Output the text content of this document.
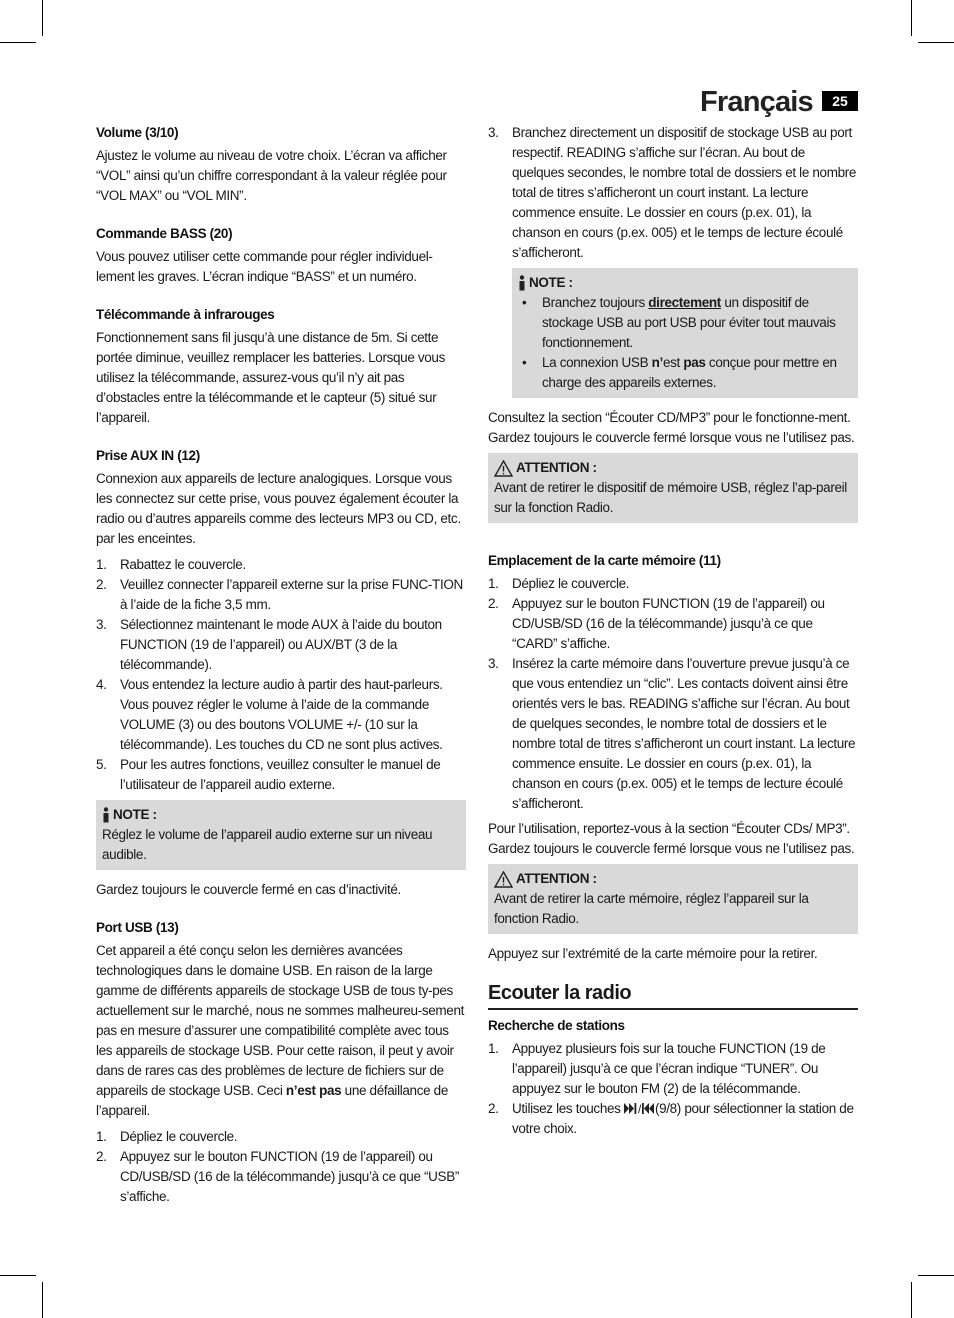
Français	25
Volume (3/10)

Ajustez le volume au niveau de votre choix. L’écran va afficher “VOL” ainsi qu’un chiffre correspondant à la valeur réglée pour “VOL MAX” ou “VOL MIN”.

Commande BASS (20)

Vous pouvez utiliser cette commande pour régler individuel-lement les graves. L’écran indique “BASS” et un numéro.

Télécommande à infrarouges

Fonctionnement sans fil jusqu’à une distance de 5m. Si cette portée diminue, veuillez remplacer les batteries. Lorsque vous utilisez la télécommande, assurez-vous qu’il n’y ait pas d’obstacles entre la télécommande et le capteur (5) situé sur l’appareil.

Prise AUX IN (12)

Connexion aux appareils de lecture analogiques. Lorsque vous les connectez sur cette prise, vous pouvez également écouter la radio ou d’autres appareils comme des lecteurs MP3 ou CD, etc. par les enceintes.

1. Rabattez le couvercle.
2. Veuillez connecter l’appareil externe sur la prise FUNC-TION à l’aide de la fiche 3,5 mm.
3. Sélectionnez maintenant le mode AUX à l’aide du bouton FUNCTION (19 de l’appareil) ou AUX/BT (3 de la télécommande).
4. Vous entendez la lecture audio à partir des haut-parleurs. Vous pouvez régler le volume à l’aide de la commande VOLUME (3) ou des boutons VOLUME +/- (10 sur la télécommande). Les touches du CD ne sont plus actives.
5. Pour les autres fonctions, veuillez consulter le manuel de l’utilisateur de l’appareil audio externe.
NOTE :

Réglez le volume de l’appareil audio externe sur un niveau audible.

Gardez toujours le couvercle fermé en cas d’inactivité.

Port USB (13)

Cet appareil a été conçu selon les dernières avancées technologiques dans le domaine USB. En raison de la large gamme de différents appareils de stockage USB de tous ty-pes actuellement sur le marché, nous ne sommes malheureu-sement pas en mesure d’assurer une compatibilité complète avec tous les appareils de stockage USB. Pour cette raison, il peut y avoir dans de rares cas des problèmes de lecture de fichiers sur de appareils de stockage USB. Ceci n’est pas une défaillance de l’appareil.

1. Dépliez le couvercle.
2. Appuyez sur le bouton FUNCTION (19 de l’appareil) ou CD/USB/SD (16 de la télécommande) jusqu’à ce que “USB” s’affiche.
3. Branchez directement un dispositif de stockage USB au port respectif. READING s’affiche sur l’écran. Au bout de quelques secondes, le nombre total de dossiers et le nombre total de titres s’afficheront un court instant. La lecture commence ensuite. Le dossier en cours (p.ex. 01), la chanson en cours (p.ex. 005) et le temps de lecture écoulé s’afficheront.
NOTE :
• Branchez toujours directement un dispositif de stockage USB au port USB pour éviter tout mauvais fonctionnement.
• La connexion USB n’est pas conçue pour mettre en charge des appareils externes.

Consultez la section “Écouter CD/MP3” pour le fonctionne-ment.

Gardez toujours le couvercle fermé lorsque vous ne l’utilisez pas.

ATTENTION :

Avant de retirer le dispositif de mémoire USB, réglez l’ap-pareil sur la fonction Radio.

Emplacement de la carte mémoire (11)
1. Dépliez le couvercle.
2. Appuyez sur le bouton FUNCTION (19 de l’appareil) ou CD/USB/SD (16 de la télécommande) jusqu’à ce que “CARD” s’affiche.
3. Insérez la carte mémoire dans l’ouverture prevue jusqu’à ce que vous entendiez un “clic”. Les contacts doivent ainsi être orientés vers le bas. READING s’affiche sur l’écran. Au bout de quelques secondes, le nombre total de dossiers et le nombre total de titres s’afficheront un court instant. La lecture commence ensuite. Le dossier en cours (p.ex. 01), la chanson en cours (p.ex. 005) et le temps de lecture écoulé s’afficheront.

Pour l’utilisation, reportez-vous à la section “Écouter CDs/ MP3”.

Gardez toujours le couvercle fermé lorsque vous ne l’utilisez pas.

ATTENTION :

Avant de retirer la carte mémoire, réglez l’appareil sur la fonction Radio.

Appuyez sur l’extrémité de la carte mémoire pour la retirer.

Ecouter la radio
Recherche de stations
1. Appuyez plusieurs fois sur la touche FUNCTION (19 de l’appareil) jusqu’à ce que l’écran indique “TUNER”. Ou appuyez sur le bouton FM (2) de la télécommande.
2. Utilisez les touches / (9/8) pour sélectionner la station de votre choix.
